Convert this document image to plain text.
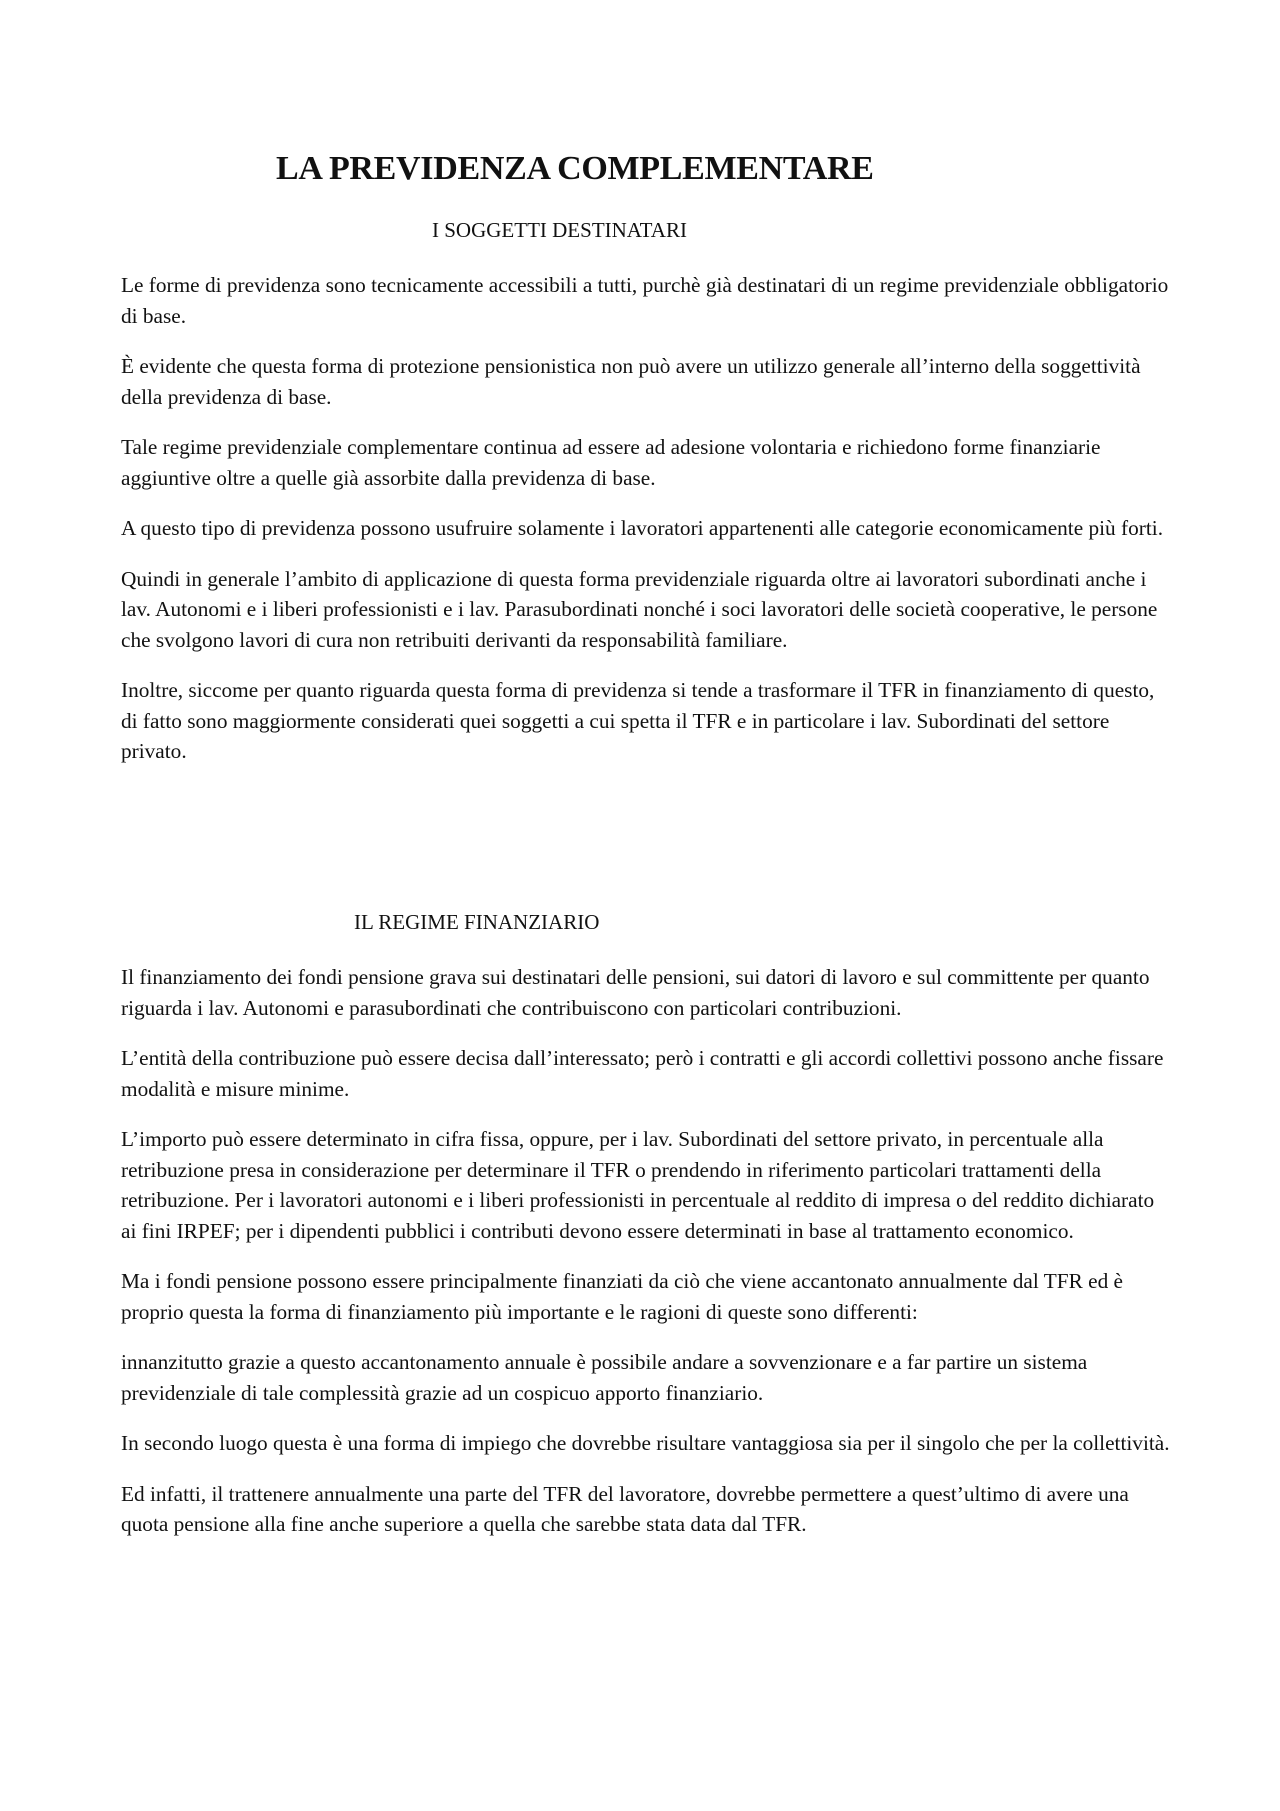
LA PREVIDENZA COMPLEMENTARE
I SOGGETTI DESTINATARI

Le forme di previdenza sono tecnicamente accessibili a tutti, purchè già destinatari di un regime previdenziale obbligatorio di base.

È evidente che questa forma di protezione pensionistica non può avere un utilizzo generale all’interno della soggettività della previdenza di base.

Tale regime previdenziale complementare continua ad essere ad adesione volontaria e richiedono forme finanziarie aggiuntive oltre a quelle già assorbite dalla previdenza di base.

A questo tipo di previdenza possono usufruire solamente i lavoratori appartenenti alle categorie economicamente più forti.

Quindi in generale l’ambito di applicazione di questa forma previdenziale riguarda oltre ai lavoratori subordinati anche i lav. Autonomi e i liberi professionisti e i lav. Parasubordinati nonché i soci lavoratori delle società cooperative, le persone che svolgono lavori di cura non retribuiti derivanti da responsabilità familiare.

Inoltre, siccome per quanto riguarda questa forma di previdenza si tende a trasformare il TFR in finanziamento di questo, di fatto sono maggiormente considerati quei soggetti a cui spetta il TFR e in particolare i lav. Subordinati del settore privato.

IL REGIME FINANZIARIO

Il finanziamento dei fondi pensione grava sui destinatari delle pensioni, sui datori di lavoro e sul committente per quanto riguarda i lav. Autonomi e parasubordinati che contribuiscono con particolari contribuzioni.

L’entità della contribuzione può essere decisa dall’interessato; però i contratti e gli accordi collettivi possono anche fissare modalità e misure minime.

L’importo può essere determinato in cifra fissa, oppure, per i lav. Subordinati del settore privato, in percentuale alla retribuzione presa in considerazione per determinare il TFR o prendendo in riferimento particolari trattamenti della retribuzione. Per i lavoratori autonomi e i liberi professionisti in percentuale al reddito di impresa o del reddito dichiarato ai fini IRPEF; per i dipendenti pubblici i contributi devono essere determinati in base al trattamento economico.

Ma i fondi pensione possono essere principalmente finanziati da ciò che viene accantonato annualmente dal TFR ed è proprio questa la forma di finanziamento più importante e le ragioni di queste sono differenti:

innanzitutto grazie a questo accantonamento annuale è possibile andare a sovvenzionare e a far partire un sistema previdenziale di tale complessità grazie ad un cospicuo apporto finanziario.

In secondo luogo questa è una forma di impiego che dovrebbe risultare vantaggiosa sia per il singolo che per la collettività.

Ed infatti, il trattenere annualmente una parte del TFR del lavoratore, dovrebbe permettere a quest’ultimo di avere una quota pensione alla fine anche superiore a quella che sarebbe stata data dal TFR.
